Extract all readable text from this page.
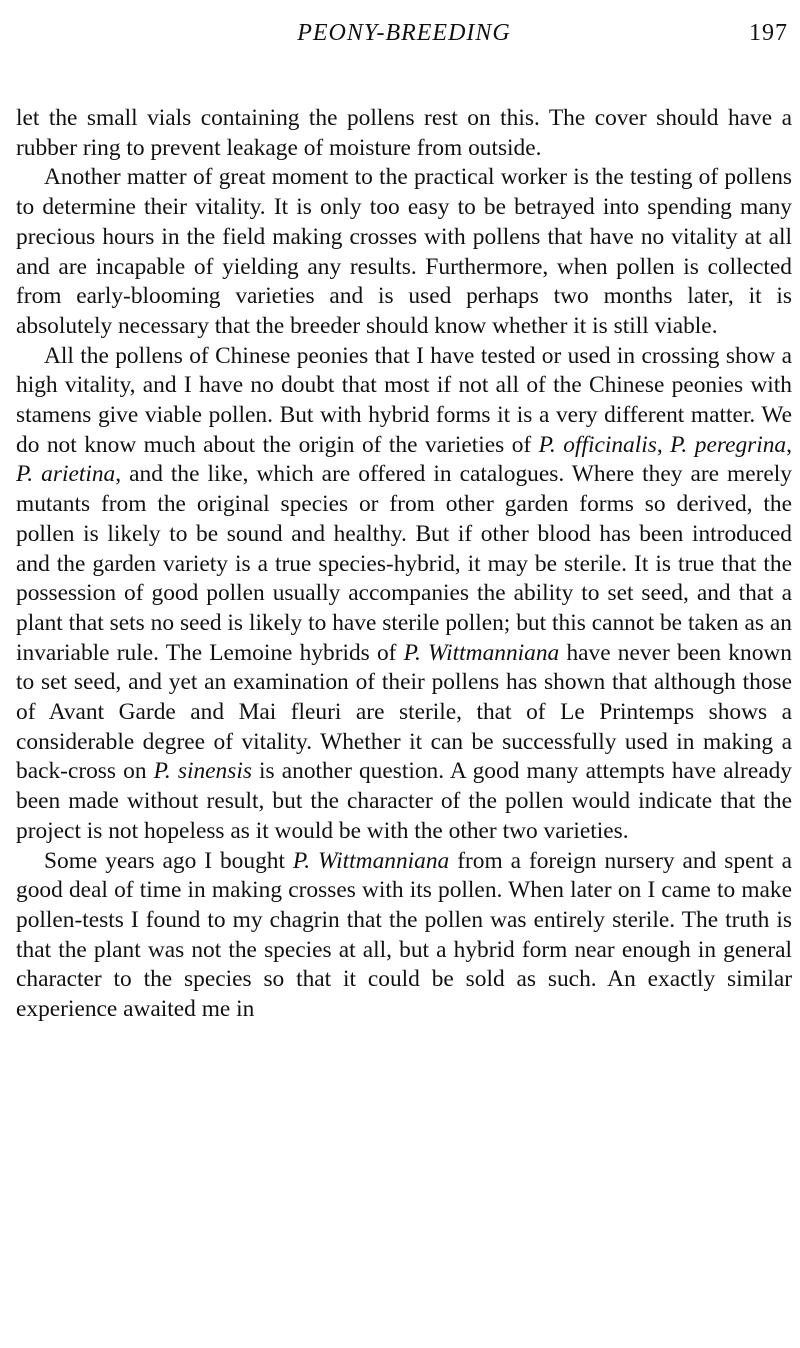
PEONY-BREEDING	197

let the small vials containing the pollens rest on this. The cover should have a rubber ring to prevent leakage of moisture from outside.

Another matter of great moment to the practical worker is the testing of pollens to determine their vitality. It is only too easy to be betrayed into spending many precious hours in the field making crosses with pollens that have no vitality at all and are incapable of yielding any results. Furthermore, when pollen is collected from early-blooming varieties and is used perhaps two months later, it is absolutely necessary that the breeder should know whether it is still viable.

All the pollens of Chinese peonies that I have tested or used in crossing show a high vitality, and I have no doubt that most if not all of the Chinese peonies with stamens give viable pollen. But with hybrid forms it is a very different matter. We do not know much about the origin of the varieties of P. officinalis, P. peregrina, P. arietina, and the like, which are offered in catalogues. Where they are merely mutants from the original species or from other garden forms so derived, the pollen is likely to be sound and healthy. But if other blood has been introduced and the garden variety is a true species-hybrid, it may be sterile. It is true that the possession of good pollen usually accompanies the ability to set seed, and that a plant that sets no seed is likely to have sterile pollen; but this cannot be taken as an invariable rule. The Lemoine hybrids of P. Wittmanniana have never been known to set seed, and yet an examination of their pollens has shown that although those of Avant Garde and Mai fleuri are sterile, that of Le Printemps shows a considerable degree of vitality. Whether it can be successfully used in making a back-cross on P. sinensis is another question. A good many attempts have already been made without result, but the character of the pollen would indicate that the project is not hopeless as it would be with the other two varieties.

Some years ago I bought P. Wittmanniana from a foreign nursery and spent a good deal of time in making crosses with its pollen. When later on I came to make pollen-tests I found to my chagrin that the pollen was entirely sterile. The truth is that the plant was not the species at all, but a hybrid form near enough in general character to the species so that it could be sold as such. An exactly similar experience awaited me in
